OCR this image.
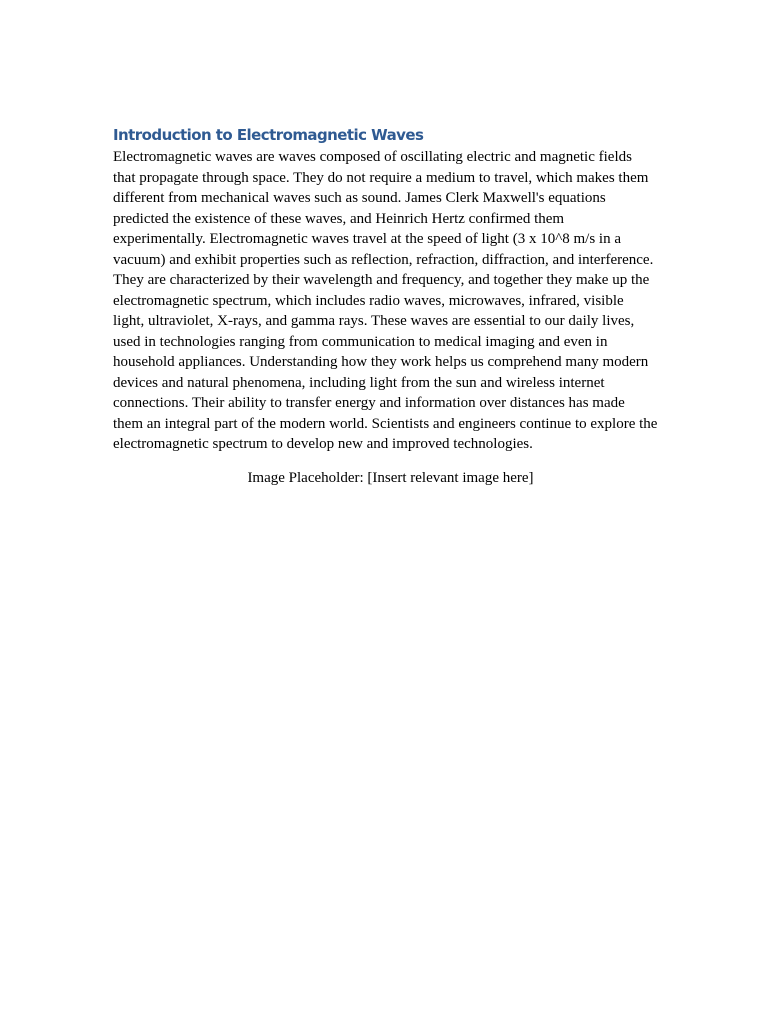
Introduction to Electromagnetic Waves

Electromagnetic waves are waves composed of oscillating electric and magnetic fields that propagate through space. They do not require a medium to travel, which makes them different from mechanical waves such as sound. James Clerk Maxwell's equations predicted the existence of these waves, and Heinrich Hertz confirmed them experimentally. Electromagnetic waves travel at the speed of light (3 x 10^8 m/s in a vacuum) and exhibit properties such as reflection, refraction, diffraction, and interference. They are characterized by their wavelength and frequency, and together they make up the electromagnetic spectrum, which includes radio waves, microwaves, infrared, visible light, ultraviolet, X-rays, and gamma rays. These waves are essential to our daily lives, used in technologies ranging from communication to medical imaging and even in household appliances. Understanding how they work helps us comprehend many modern devices and natural phenomena, including light from the sun and wireless internet connections. Their ability to transfer energy and information over distances has made them an integral part of the modern world. Scientists and engineers continue to explore the electromagnetic spectrum to develop new and improved technologies.

Image Placeholder: [Insert relevant image here]
